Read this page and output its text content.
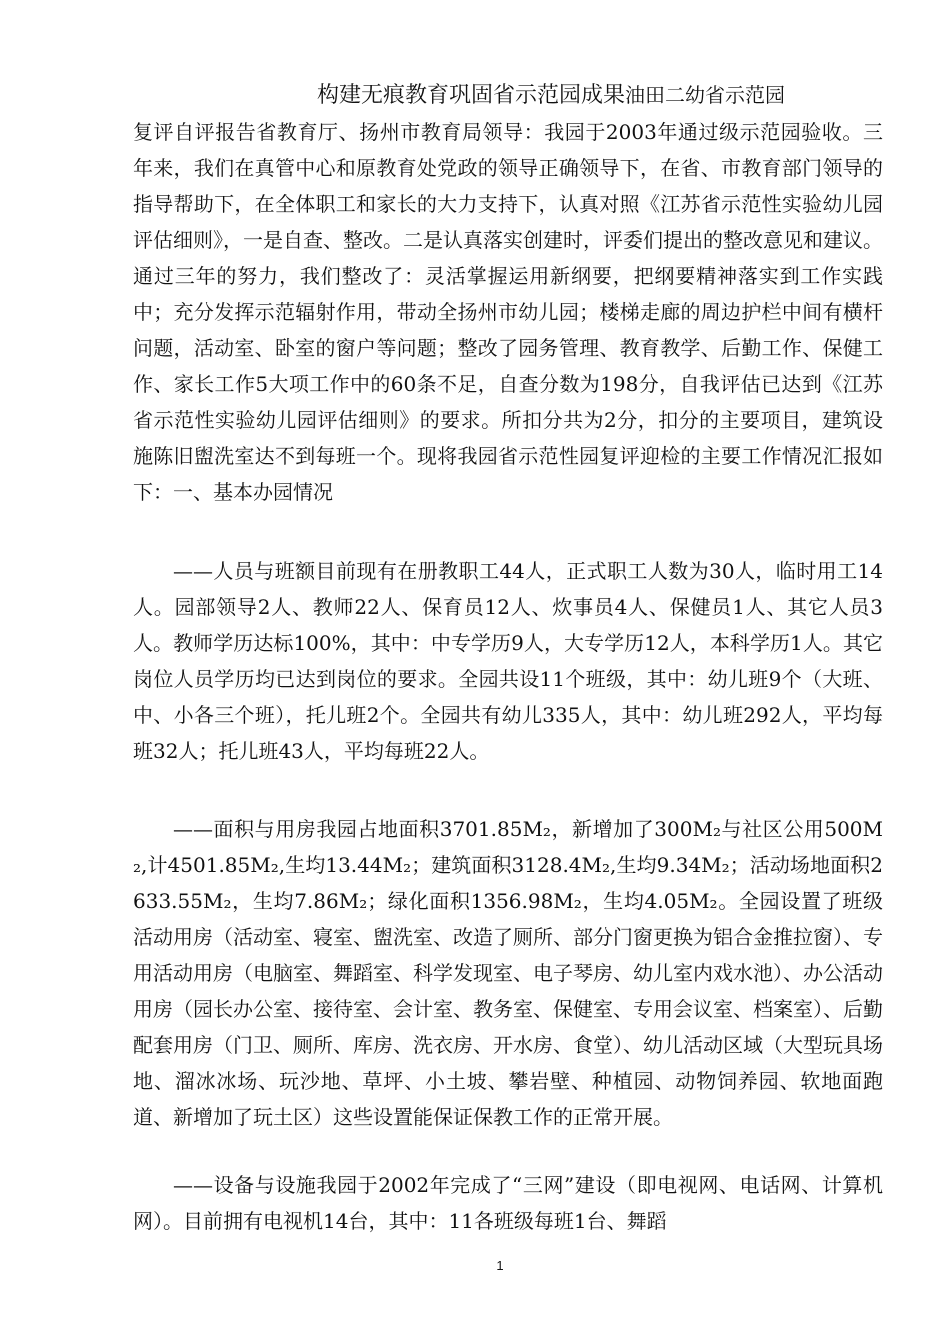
构建无痕教育巩固省示范园成果油田二幼省示范园

复评自评报告省教育厅、扬州市教育局领导：我园于2003年通过级示范园验收。三年来，我们在真管中心和原教育处党政的领导正确领导下，在省、市教育部门领导的指导帮助下，在全体职工和家长的大力支持下，认真对照《江苏省示范性实验幼儿园评估细则》，一是自查、整改。二是认真落实创建时，评委们提出的整改意见和建议。通过三年的努力，我们整改了：灵活掌握运用新纲要，把纲要精神落实到工作实践中；充分发挥示范辐射作用，带动全扬州市幼儿园；楼梯走廊的周边护栏中间有横杆问题，活动室、卧室的窗户等问题；整改了园务管理、教育教学、后勤工作、保健工作、家长工作5大项工作中的60条不足，自查分数为198分，自我评估已达到《江苏省示范性实验幼儿园评估细则》的要求。所扣分共为2分，扣分的主要项目，建筑设施陈旧盥洗室达不到每班一个。现将我园省示范性园复评迎检的主要工作情况汇报如下：一、基本办园情况

——人员与班额目前现有在册教职工44人，正式职工人数为30人，临时用工14人。园部领导2人、教师22人、保育员12人、炊事员4人、保健员1人、其它人员3人。教师学历达标100%，其中：中专学历9人，大专学历12人，本科学历1人。其它岗位人员学历均已达到岗位的要求。全园共设11个班级，其中：幼儿班9个（大班、中、小各三个班），托儿班2个。全园共有幼儿335人，其中：幼儿班292人，平均每班32人；托儿班43人，平均每班22人。

——面积与用房我园占地面积3701.85M₂，新增加了300M₂与社区公用500M₂,计4501.85M₂,生均13.44M₂；建筑面积3128.4M₂,生均9.34M₂；活动场地面积2633.55M₂，生均7.86M₂；绿化面积1356.98M₂，生均4.05M₂。全园设置了班级活动用房（活动室、寝室、盥洗室、改造了厕所、部分门窗更换为铝合金推拉窗）、专用活动用房（电脑室、舞蹈室、科学发现室、电子琴房、幼儿室内戏水池）、办公活动用房（园长办公室、接待室、会计室、教务室、保健室、专用会议室、档案室）、后勤配套用房（门卫、厕所、库房、洗衣房、开水房、食堂）、幼儿活动区域（大型玩具场地、溜冰冰场、玩沙地、草坪、小土坡、攀岩壁、种植园、动物饲养园、软地面跑道、新增加了玩土区）这些设置能保证保教工作的正常开展。

——设备与设施我园于2002年完成了“三网”建设（即电视网、电话网、计算机网）。目前拥有电视机14台，其中：11各班级每班1台、舞蹈

1
